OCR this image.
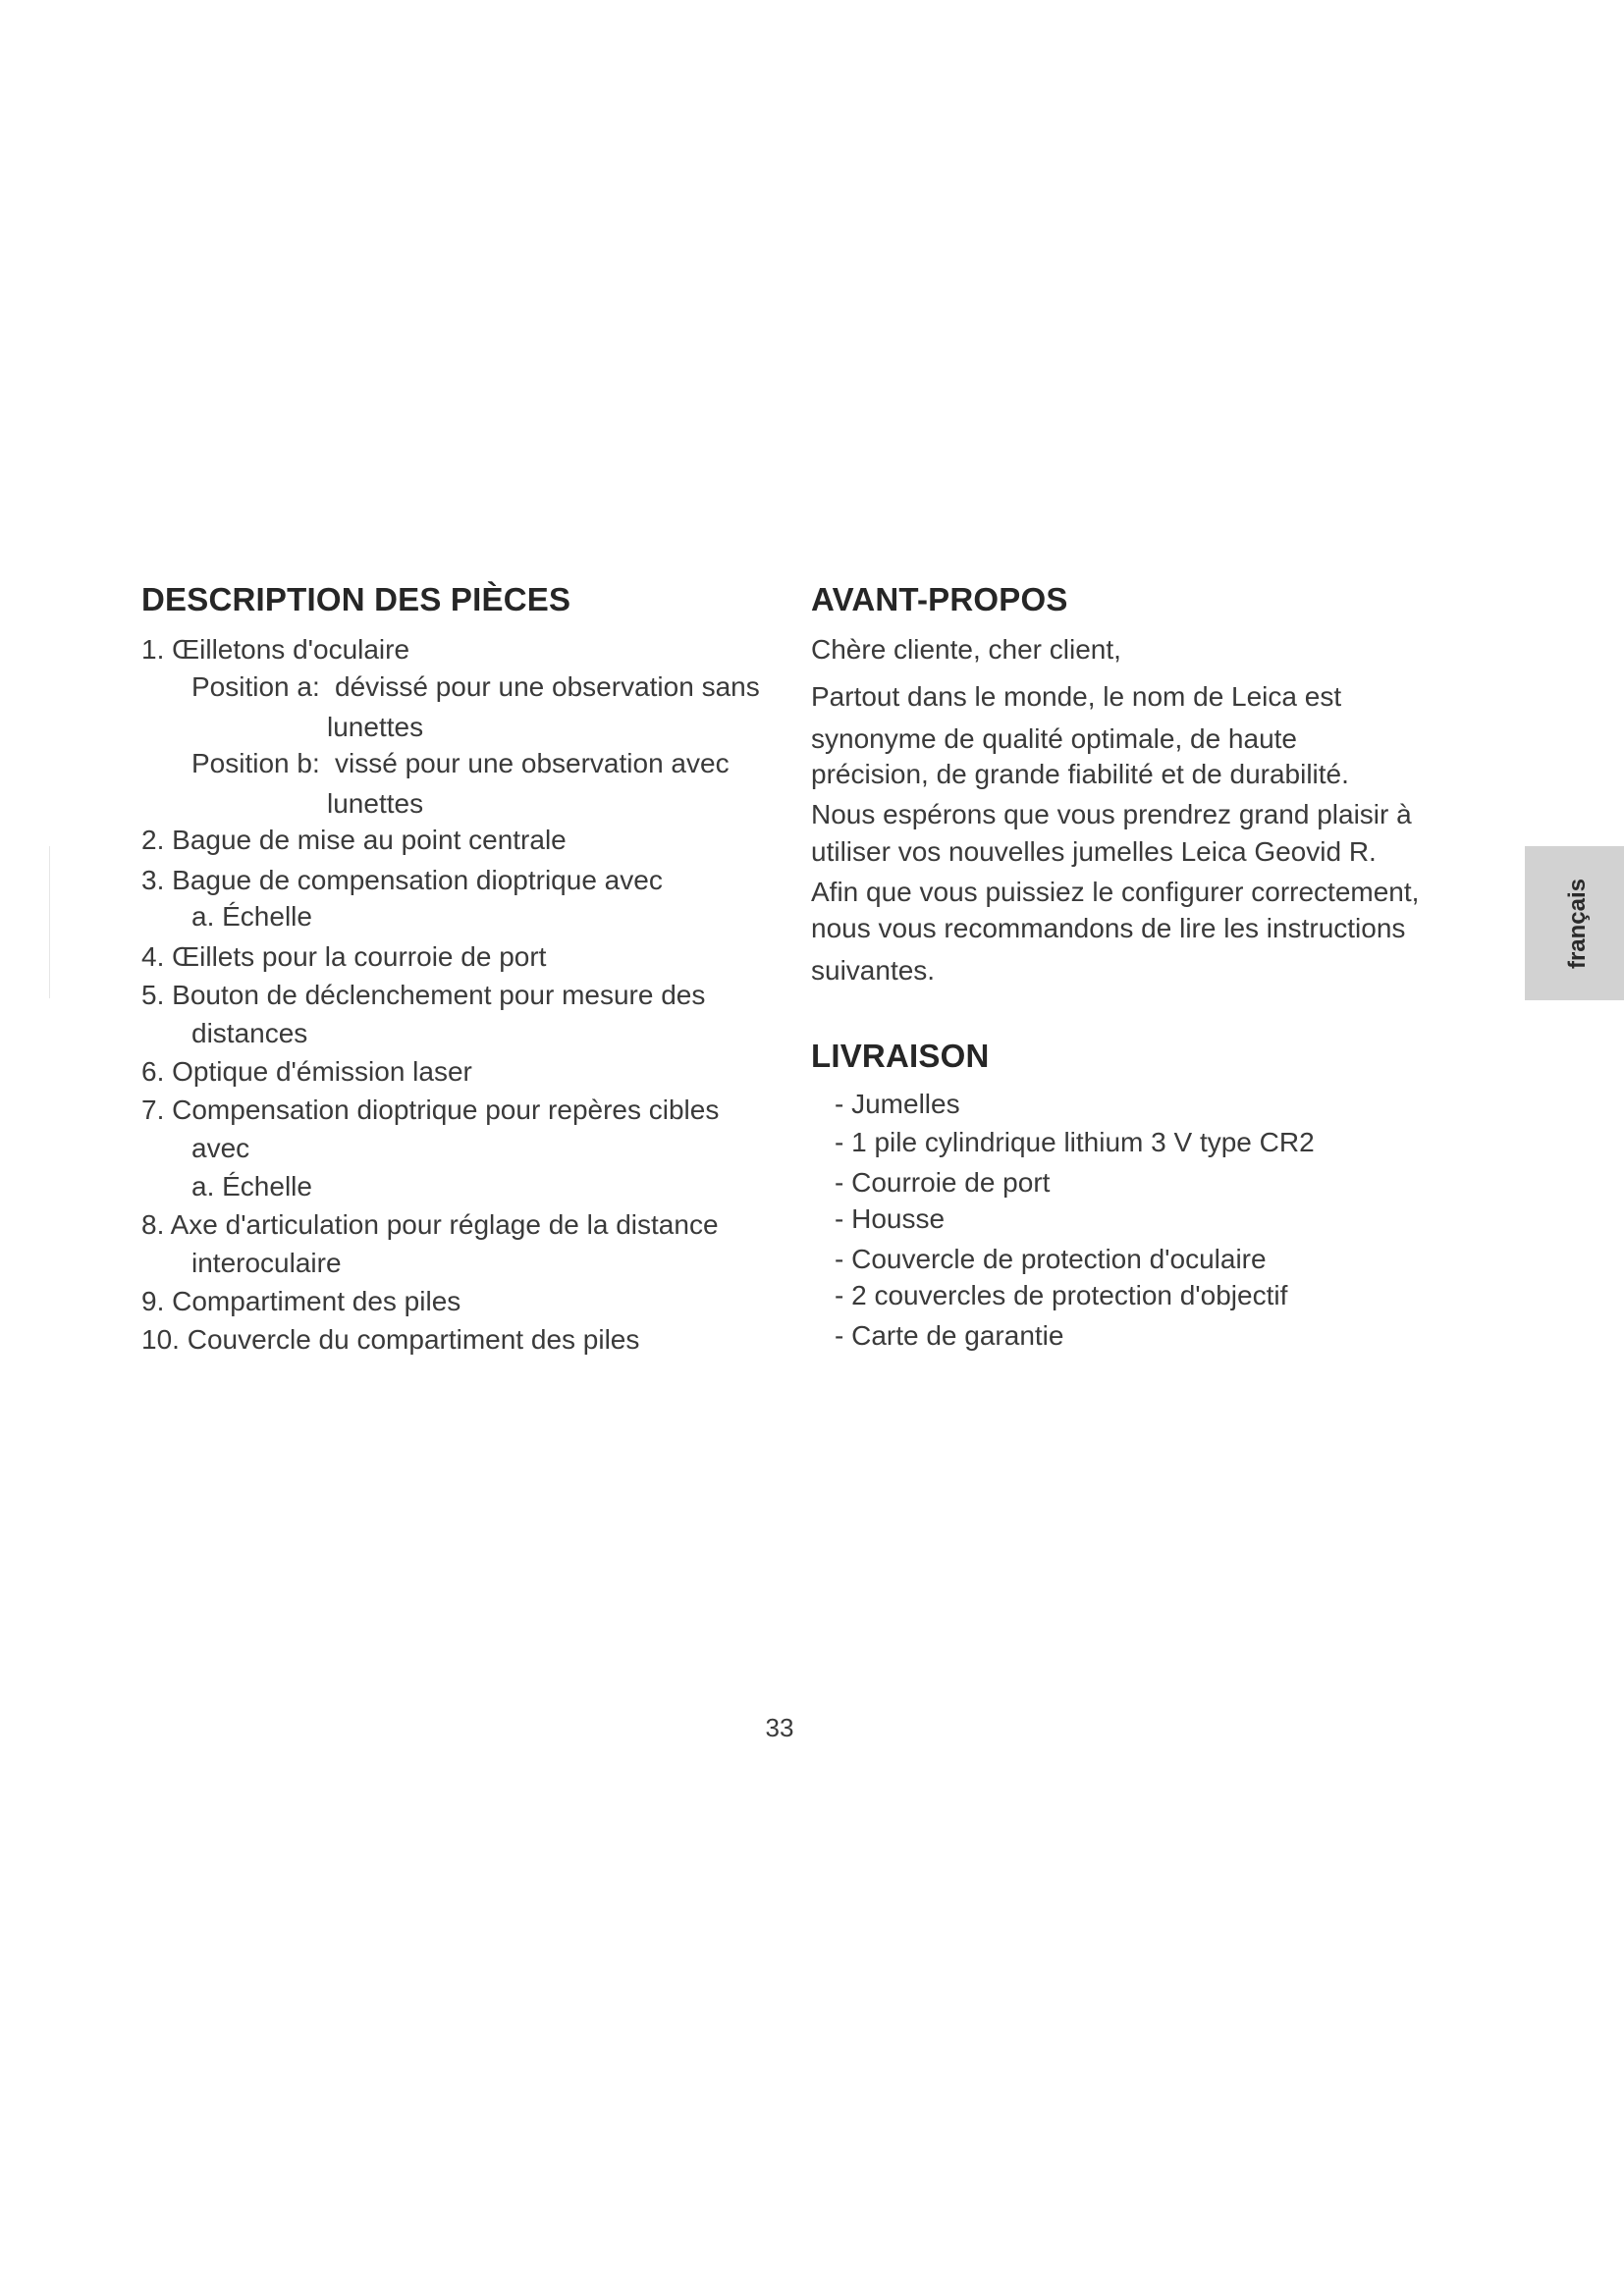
DESCRIPTION DES PIÈCES

1. Œilletons d'oculaire

Position a: dévissé pour une observation sans

lunettes

Position b: vissé pour une observation avec

lunettes

2. Bague de mise au point centrale

3. Bague de compensation dioptrique avec

a. Échelle

4. Œillets pour la courroie de port

5. Bouton de déclenchement pour mesure des

distances

6. Optique d'émission laser

7. Compensation dioptrique pour repères cibles

avec

a. Échelle

8. Axe d'articulation pour réglage de la distance

interoculaire

9. Compartiment des piles

10. Couvercle du compartiment des piles

AVANT-PROPOS

Chère cliente, cher client,

Partout dans le monde, le nom de Leica est

synonyme de qualité optimale, de haute

précision, de grande fiabilité et de durabilité.

Nous espérons que vous prendrez grand plaisir à

utiliser vos nouvelles jumelles Leica Geovid R.

Afin que vous puissiez le configurer correctement,

nous vous recommandons de lire les instructions

suivantes.

LIVRAISON

- Jumelles

- 1 pile cylindrique lithium 3 V type CR2

- Courroie de port

- Housse

- Couvercle de protection d'oculaire

- 2 couvercles de protection d'objectif

- Carte de garantie

français
33
